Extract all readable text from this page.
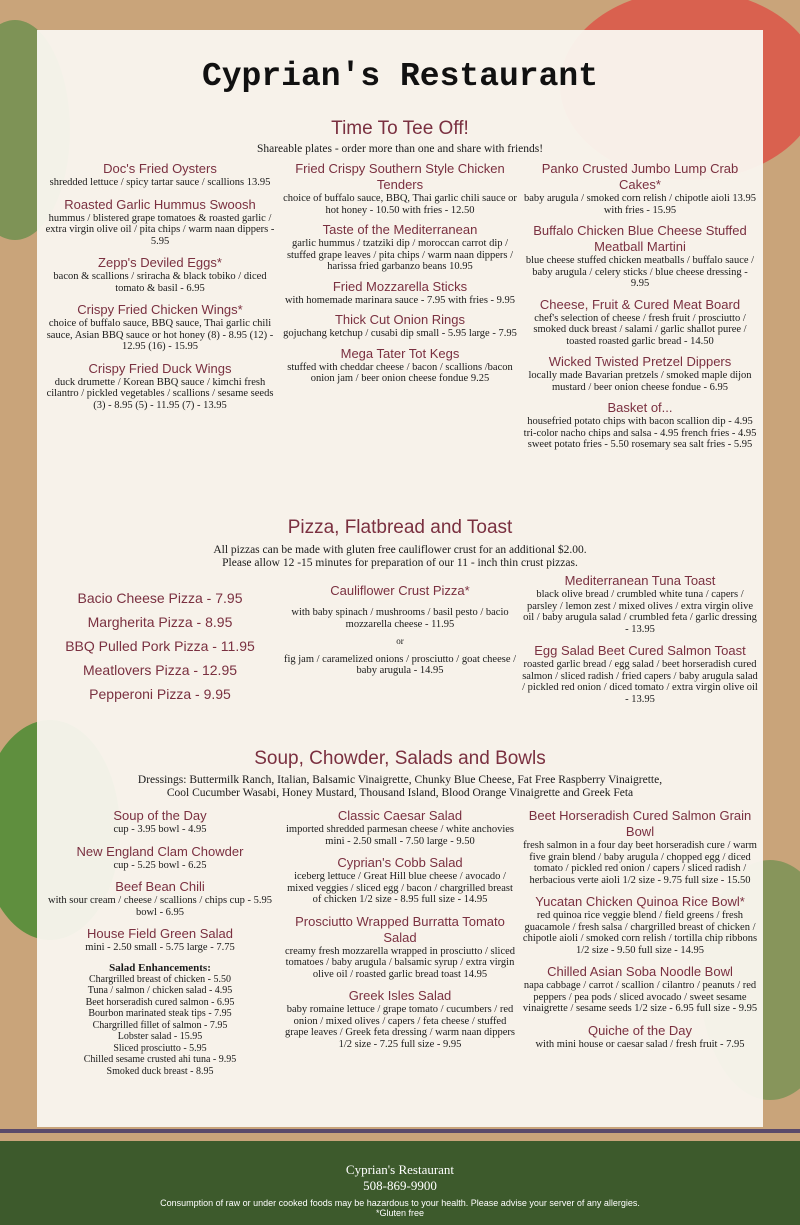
Cyprian's Restaurant
Time To Tee Off!
Shareable plates - order more than one and share with friends!
Doc's Fried Oysters
shredded lettuce / spicy tartar sauce / scallions 13.95
Roasted Garlic Hummus Swoosh
hummus / blistered grape tomatoes & roasted garlic / extra virgin olive oil / pita chips / warm naan dippers - 5.95
Zepp's Deviled Eggs*
bacon & scallions / sriracha & black tobiko / diced tomato & basil - 6.95
Crispy Fried Chicken Wings*
choice of buffalo sauce, BBQ sauce, Thai garlic chili sauce, Asian BBQ sauce or hot honey (8) - 8.95 (12) - 12.95 (16) - 15.95
Crispy Fried Duck Wings
duck drumette / Korean BBQ sauce / kimchi fresh cilantro / pickled vegetables / scallions / sesame seeds (3) - 8.95 (5) - 11.95 (7) - 13.95
Fried Crispy Southern Style Chicken Tenders
choice of buffalo sauce, BBQ, Thai garlic chili sauce or hot honey - 10.50 with fries - 12.50
Taste of the Mediterranean
garlic hummus / tzatziki dip / moroccan carrot dip / stuffed grape leaves / pita chips / warm naan dippers / harissa fried garbanzo beans 10.95
Fried Mozzarella Sticks
with homemade marinara sauce - 7.95 with fries - 9.95
Thick Cut Onion Rings
gojuchang ketchup / cusabi dip small - 5.95 large - 7.95
Mega Tater Tot Kegs
stuffed with cheddar cheese / bacon / scallions /bacon onion jam / beer onion cheese fondue 9.25
Panko Crusted Jumbo Lump Crab Cakes*
baby arugula / smoked corn relish / chipotle aioli 13.95 with fries - 15.95
Buffalo Chicken Blue Cheese Stuffed Meatball Martini
blue cheese stuffed chicken meatballs / buffalo sauce / baby arugula / celery sticks / blue cheese dressing - 9.95
Cheese, Fruit & Cured Meat Board
chef's selection of cheese / fresh fruit / prosciutto / smoked duck breast / salami / garlic shallot puree / toasted roasted garlic bread - 14.50
Wicked Twisted Pretzel Dippers
locally made Bavarian pretzels / smoked maple dijon mustard / beer onion cheese fondue - 6.95
Basket of...
housefried potato chips with bacon scallion dip - 4.95 tri-color nacho chips and salsa - 4.95 french fries - 4.95 sweet potato fries - 5.50 rosemary sea salt fries - 5.95
Pizza, Flatbread and Toast
All pizzas can be made with gluten free cauliflower crust for an additional $2.00.
Please allow 12 -15 minutes for preparation of our 11 - inch thin crust pizzas.
Bacio Cheese Pizza - 7.95
Margherita Pizza - 8.95
BBQ Pulled Pork Pizza - 11.95
Meatlovers Pizza - 12.95
Pepperoni Pizza - 9.95
Cauliflower Crust Pizza*
with baby spinach / mushrooms / basil pesto / bacio mozzarella cheese - 11.95
or
fig jam / caramelized onions / prosciutto / goat cheese / baby arugula - 14.95
Mediterranean Tuna Toast
black olive bread / crumbled white tuna / capers / parsley / lemon zest / mixed olives / extra virgin olive oil / baby arugula salad / crumbled feta / garlic dressing - 13.95
Egg Salad Beet Cured Salmon Toast
roasted garlic bread / egg salad / beet horseradish cured salmon / sliced radish / fried capers / baby arugula salad / pickled red onion / diced tomato / extra virgin olive oil - 13.95
Soup, Chowder, Salads and Bowls
Dressings: Buttermilk Ranch, Italian, Balsamic Vinaigrette, Chunky Blue Cheese, Fat Free Raspberry Vinaigrette,
Cool Cucumber Wasabi, Honey Mustard, Thousand Island, Blood Orange Vinaigrette and Greek Feta
Soup of the Day
cup - 3.95 bowl - 4.95
New England Clam Chowder
cup - 5.25 bowl - 6.25
Beef Bean Chili
with sour cream / cheese / scallions / chips cup - 5.95 bowl - 6.95
House Field Green Salad
mini - 2.50 small - 5.75 large - 7.75
Salad Enhancements:
Chargrilled breast of chicken - 5.50
Tuna / salmon / chicken salad - 4.95
Beet horseradish cured salmon - 6.95
Bourbon marinated steak tips - 7.95
Chargrilled fillet of salmon - 7.95
Lobster salad - 15.95
Sliced prosciutto - 5.95
Chilled sesame crusted ahi tuna - 9.95
Smoked duck breast - 8.95
Classic Caesar Salad
imported shredded parmesan cheese / white anchovies mini - 2.50 small - 7.50 large - 9.50
Cyprian's Cobb Salad
iceberg lettuce / Great Hill blue cheese / avocado / mixed veggies / sliced egg / bacon / chargrilled breast of chicken 1/2 size - 8.95 full size - 14.95
Prosciutto Wrapped Burratta Tomato Salad
creamy fresh mozzarella wrapped in prosciutto / sliced tomatoes / baby arugula / balsamic syrup / extra virgin olive oil / roasted garlic bread toast 14.95
Greek Isles Salad
baby romaine lettuce / grape tomato / cucumbers / red onion / mixed olives / capers / feta cheese / stuffed grape leaves / Greek feta dressing / warm naan dippers 1/2 size - 7.25 full size - 9.95
Beet Horseradish Cured Salmon Grain Bowl
fresh salmon in a four day beet horseradish cure / warm five grain blend / baby arugula / chopped egg / diced tomato / pickled red onion / capers / sliced radish / herbacious verte aioli 1/2 size - 9.75 full size - 15.50
Yucatan Chicken Quinoa Rice Bowl*
red quinoa rice veggie blend / field greens / fresh guacamole / fresh salsa / chargrilled breast of chicken / chipotle aioli / smoked corn relish / tortilla chip ribbons 1/2 size - 9.50 full size - 14.95
Chilled Asian Soba Noodle Bowl
napa cabbage / carrot / scallion / cilantro / peanuts / red peppers / pea pods / sliced avocado / sweet sesame vinaigrette / sesame seeds 1/2 size - 6.95 full size - 9.95
Quiche of the Day
with mini house or caesar salad / fresh fruit - 7.95
Cyprian's Restaurant
508-869-9900
Consumption of raw or under cooked foods may be hazardous to your health. Please advise your server of any allergies.
*Gluten free
